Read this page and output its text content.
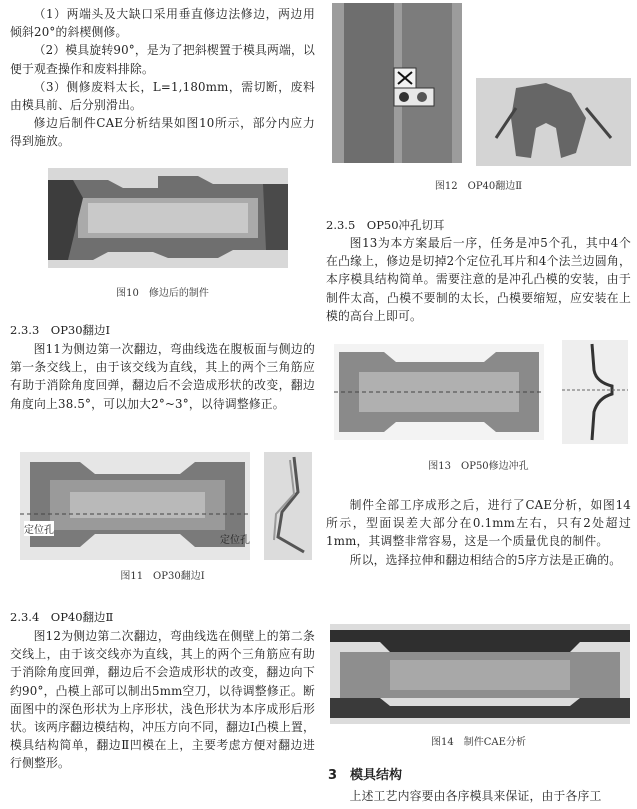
（1）两端头及大缺口采用垂直修边法修边，两边用倾斜20°的斜楔侧修。

（2）模具旋转90°，是为了把斜楔置于模具两端，以便于观查操作和废料排除。

（3）侧修废料太长，L=1,180mm，需切断，废料由模具前、后分别滑出。

修边后制件CAE分析结果如图10所示，部分内应力得到施放。

图10　修边后的制件
2.3.3　OP30翻边Ⅰ

图11为侧边第一次翻边，弯曲线选在腹板面与侧边的第一条交线上，由于该交线为直线，其上的两个三角筋应有助于消除角度回弹，翻边后不会造成形状的改变，翻边角度向上38.5°，可以加大2°~3°，以待调整修正。

定位孔
定位孔
图11　OP30翻边Ⅰ
2.3.4　OP40翻边Ⅱ

图12为侧边第二次翻边，弯曲线选在侧壁上的第二条交线上，由于该交线亦为直线，其上的两个三角筋应有助于消除角度回弹，翻边后不会造成形状的改变，翻边向下约90°，凸模上部可以制出5mm空刀，以待调整修正。断面图中的深色形状为上序形状，浅色形状为本序成形后形状。该两序翻边模结构，冲压方向不同，翻边Ⅰ凸模上置，模具结构简单，翻边Ⅱ凹模在上，主要考虑方便对翻边进行侧整形。

图12　OP40翻边Ⅱ
2.3.5　OP50冲孔切耳

图13为本方案最后一序，任务是冲5个孔，其中4个在凸缘上，修边是切掉2个定位孔耳片和4个法兰边圆角，本序模具结构简单。需要注意的是冲孔凸模的安装，由于制件太高，凸模不要制的太长，凸模要缩短，应安装在上模的高台上即可。

图13　OP50修边冲孔

制件全部工序成形之后，进行了CAE分析，如图14所示，型面误差大部分在0.1mm左右，只有2处超过1mm，其调整非常容易，这是一个质量优良的制件。

所以，选择拉伸和翻边相结合的5序方法是正确的。

图14　制件CAE分析
3　模具结构

上述工艺内容要由各序模具来保证，由于各序工
